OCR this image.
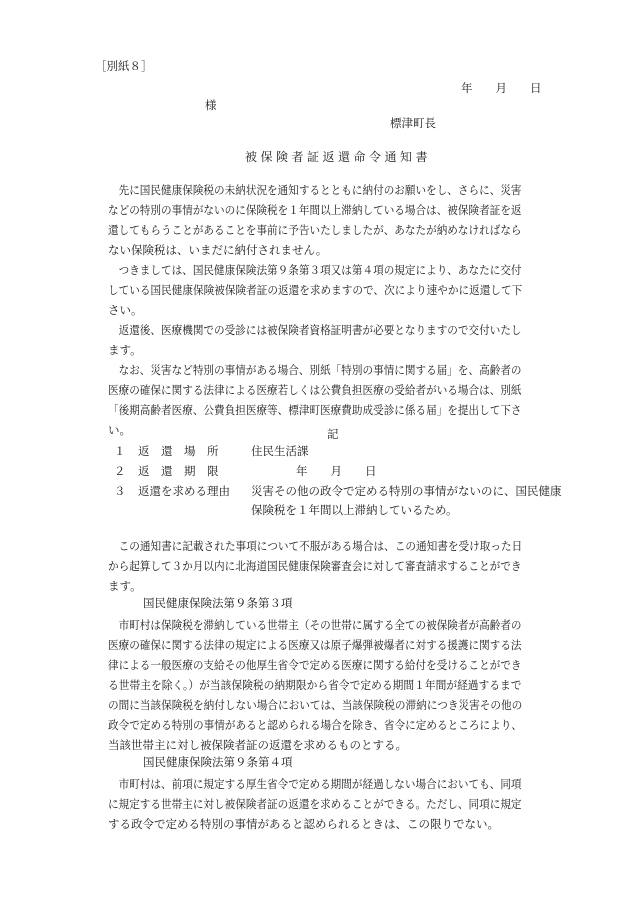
［別紙８］
年　　月　　日
様
標津町長
被保険者証返還命令通知書
　先に国民健康保険税の未納状況を通知するとともに納付のお願いをし、さらに、災害
などの特別の事情がないのに保険税を１年間以上滞納している場合は、被保険者証を返
還してもらうことがあることを事前に予告いたしましたが、あなたが納めなければなら
ない保険税は、いまだに納付されません。
　つきましては、国民健康保険法第９条第３項又は第４項の規定により、あなたに交付
している国民健康保険被保険者証の返還を求めますので、次により速やかに返還して下
さい。
　返還後、医療機関での受診には被保険者資格証明書が必要となりますので交付いたし
ます。
　なお、災害など特別の事情がある場合、別紙「特別の事情に関する届」を、高齢者の
医療の確保に関する法律による医療若しくは公費負担医療の受給者がいる場合は、別紙
「後期高齢者医療、公費負担医療等、標津町医療費助成受診に係る届」を提出して下さ
い。	記
１ 返　還　場　所	住民生活課
２ 返　還　期　限	年　　月　　日
３ 返還を求める理由 災害その他の政令で定める特別の事情がないのに、国民健康
保険税を１年間以上滞納しているため。
　この通知書に記載された事項について不服がある場合は、この通知書を受け取った日
から起算して３か月以内に北海道国民健康保険審査会に対して審査請求することができ
ます。
国民健康保険法第９条第３項
　市町村は保険税を滞納している世帯主（その世帯に属する全ての被保険者が高齢者の
医療の確保に関する法律の規定による医療又は原子爆弾被爆者に対する援護に関する法
律による一般医療の支給その他厚生省令で定める医療に関する給付を受けることができ
る世帯主を除く。）が当該保険税の納期限から省令で定める期間１年間が経過するまで
の間に当該保険税を納付しない場合においては、当該保険税の滞納につき災害その他の
政令で定める特別の事情があると認められる場合を除き、省令に定めるところにより、
当該世帯主に対し被保険者証の返還を求めるものとする。
国民健康保険法第９条第４項
　市町村は、前項に規定する厚生省令で定める期間が経過しない場合においても、同項
に規定する世帯主に対し被保険者証の返還を求めることができる。ただし、同項に規定
する政令で定める特別の事情があると認められるときは、この限りでない。
